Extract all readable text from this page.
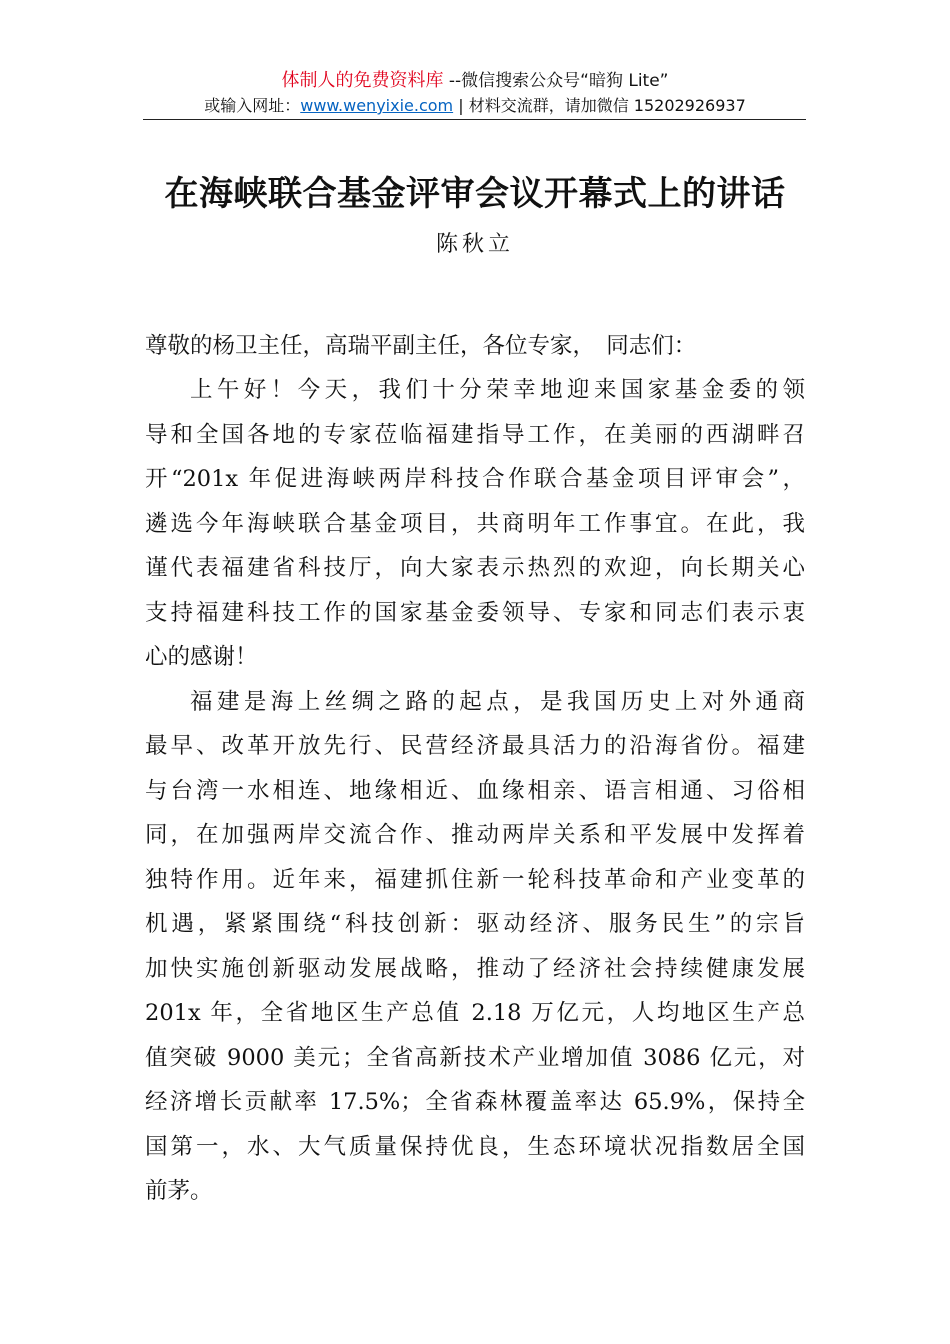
体制人的免费资料库 --微信搜索公众号“暗狗 Lite”
或输入网址：www.wenyixie.com | 材料交流群，请加微信 15202926937
在海峡联合基金评审会议开幕式上的讲话
陈秋立
尊敬的杨卫主任，高瑞平副主任，各位专家，　同志们：
上午好！今天，我们十分荣幸地迎来国家基金委的领
导和全国各地的专家莅临福建指导工作，在美丽的西湖畔召
开“201x 年促进海峡两岸科技合作联合基金项目评审会”，
遴选今年海峡联合基金项目，共商明年工作事宜。在此，我
谨代表福建省科技厅，向大家表示热烈的欢迎，向长期关心
支持福建科技工作的国家基金委领导、专家和同志们表示衷
心的感谢！
福建是海上丝绸之路的起点，是我国历史上对外通商
最早、改革开放先行、民营经济最具活力的沿海省份。福建
与台湾一水相连、地缘相近、血缘相亲、语言相通、习俗相
同，在加强两岸交流合作、推动两岸关系和平发展中发挥着
独特作用。近年来，福建抓住新一轮科技革命和产业变革的
机遇，紧紧围绕“科技创新：驱动经济、服务民生”的宗旨
加快实施创新驱动发展战略，推动了经济社会持续健康发展
201x 年，全省地区生产总值 2.18 万亿元，人均地区生产总
值突破 9000 美元；全省高新技术产业增加值 3086 亿元，对
经济增长贡献率 17.5%；全省森林覆盖率达 65.9%，保持全
国第一，水、大气质量保持优良，生态环境状况指数居全国
前茅。
